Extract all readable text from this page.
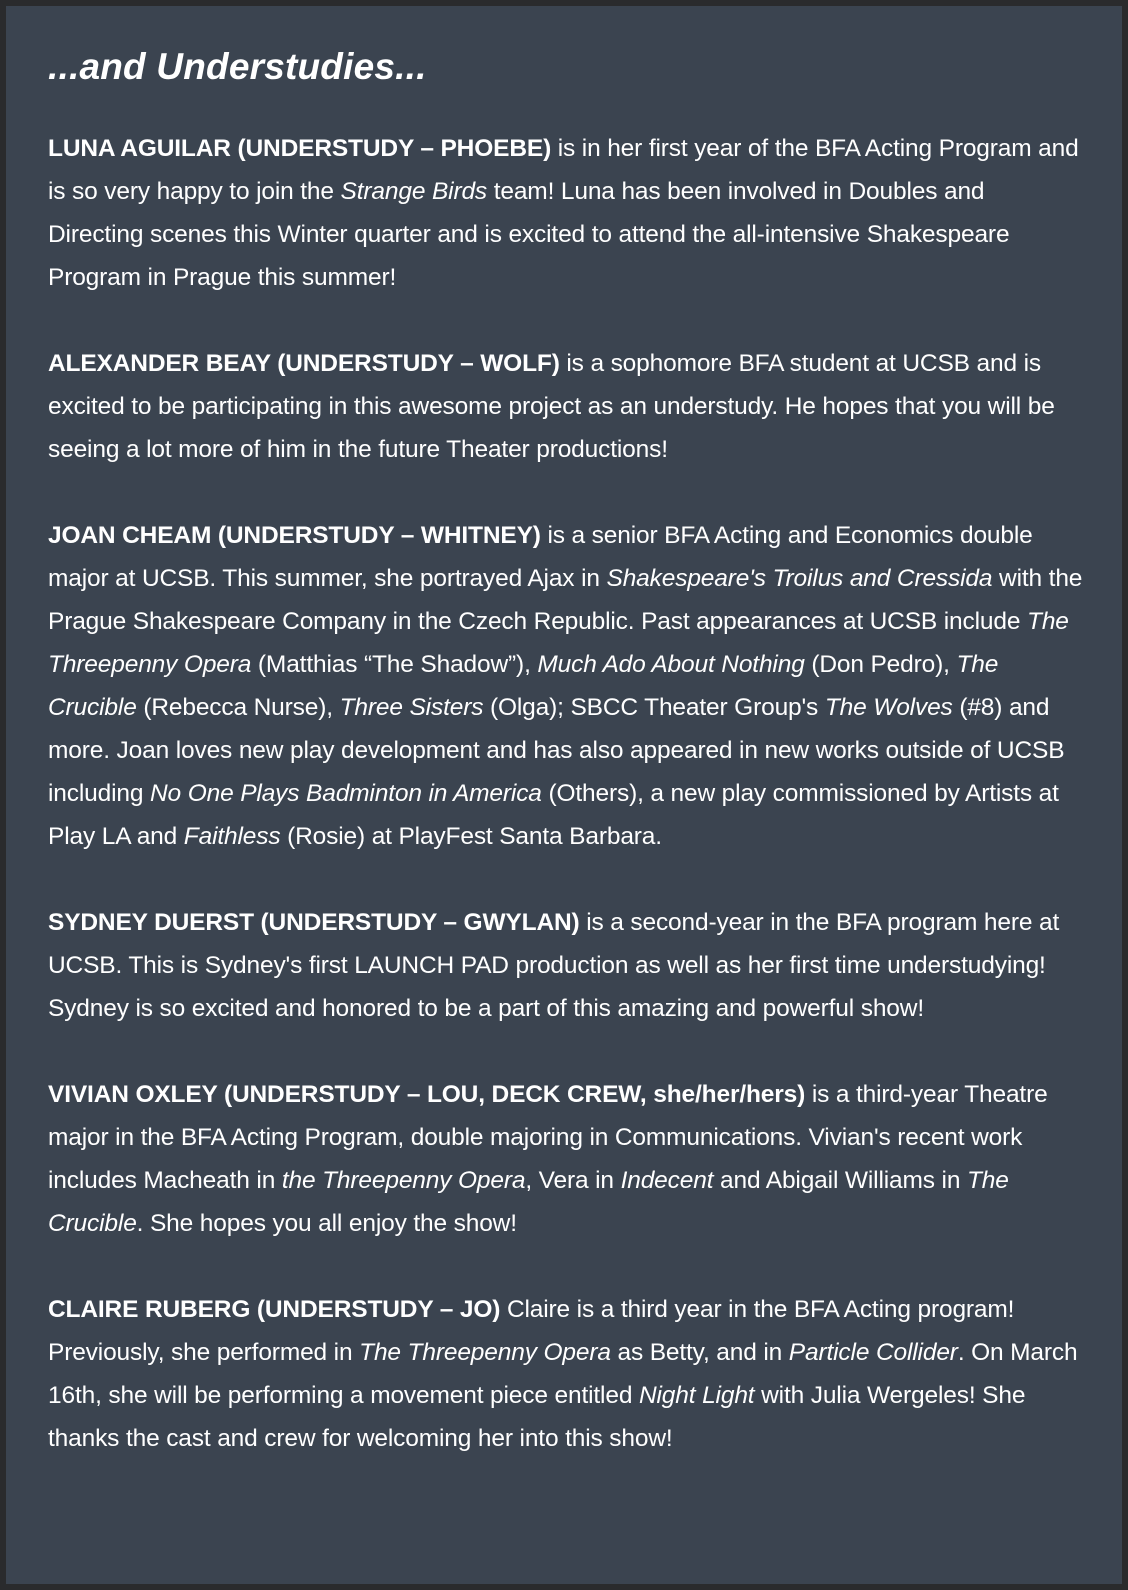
...and Understudies...

LUNA AGUILAR (UNDERSTUDY – PHOEBE) is in her first year of the BFA Acting Program and is so very happy to join the Strange Birds team! Luna has been involved in Doubles and Directing scenes this Winter quarter and is excited to attend the all-intensive Shakespeare Program in Prague this summer!

ALEXANDER BEAY (UNDERSTUDY – WOLF) is a sophomore BFA student at UCSB and is excited to be participating in this awesome project as an understudy. He hopes that you will be seeing a lot more of him in the future Theater productions!

JOAN CHEAM (UNDERSTUDY – WHITNEY) is a senior BFA Acting and Economics double major at UCSB. This summer, she portrayed Ajax in Shakespeare's Troilus and Cressida with the Prague Shakespeare Company in the Czech Republic. Past appearances at UCSB include The Threepenny Opera (Matthias “The Shadow”), Much Ado About Nothing (Don Pedro), The Crucible (Rebecca Nurse), Three Sisters (Olga); SBCC Theater Group's The Wolves (#8) and more. Joan loves new play development and has also appeared in new works outside of UCSB including No One Plays Badminton in America (Others), a new play commissioned by Artists at Play LA and Faithless (Rosie) at PlayFest Santa Barbara.

SYDNEY DUERST (UNDERSTUDY – GWYLAN) is a second-year in the BFA program here at UCSB. This is Sydney's first LAUNCH PAD production as well as her first time understudying! Sydney is so excited and honored to be a part of this amazing and powerful show!

VIVIAN OXLEY (UNDERSTUDY – LOU, DECK CREW, she/her/hers) is a third-year Theatre major in the BFA Acting Program, double majoring in Communications. Vivian's recent work includes Macheath in the Threepenny Opera, Vera in Indecent and Abigail Williams in The Crucible. She hopes you all enjoy the show!

CLAIRE RUBERG (UNDERSTUDY – JO) Claire is a third year in the BFA Acting program! Previously, she performed in The Threepenny Opera as Betty, and in Particle Collider. On March 16th, she will be performing a movement piece entitled Night Light with Julia Wergeles! She thanks the cast and crew for welcoming her into this show!
